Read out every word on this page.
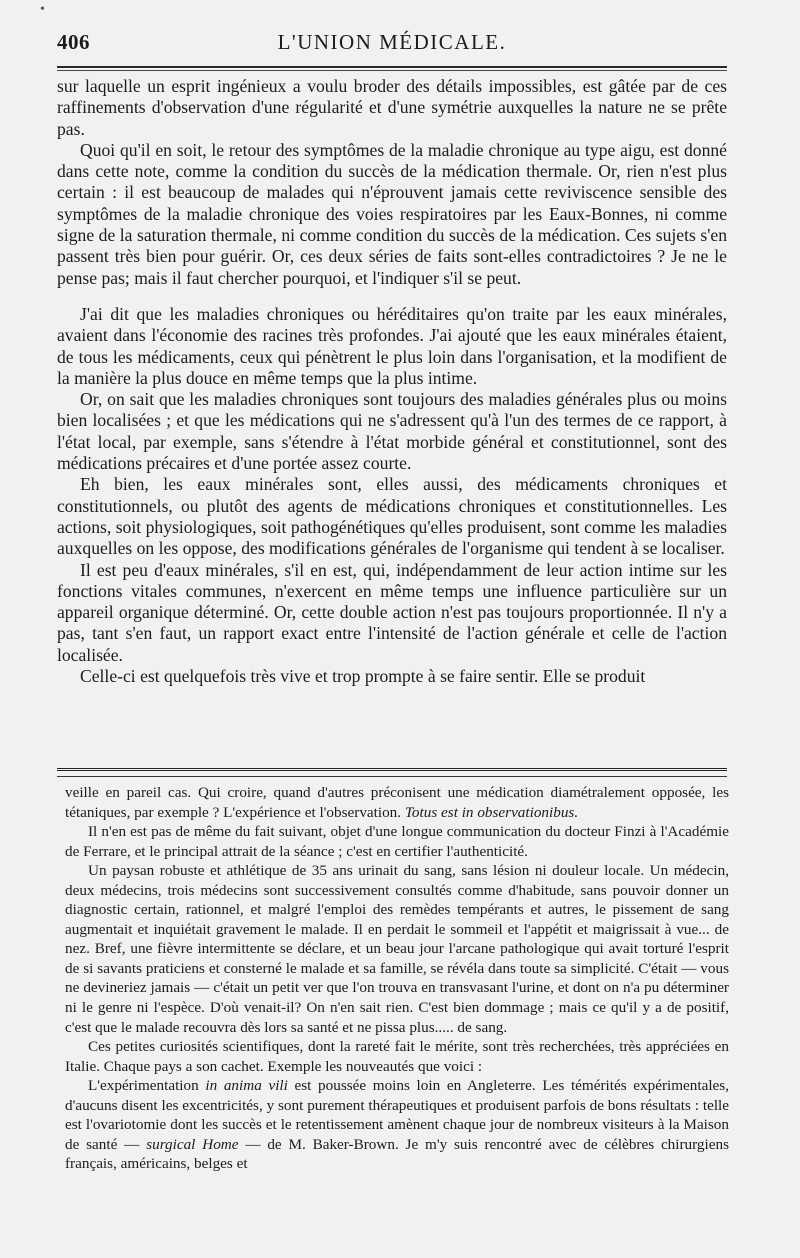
•
406	L'UNION MÉDICALE.

sur laquelle un esprit ingénieux a voulu broder des détails impossibles, est gâtée par de ces raffinements d'observation d'une régularité et d'une symétrie auxquelles la nature ne se prête pas.

Quoi qu'il en soit, le retour des symptômes de la maladie chronique au type aigu, est donné dans cette note, comme la condition du succès de la médication thermale. Or, rien n'est plus certain : il est beaucoup de malades qui n'éprouvent jamais cette reviviscence sensible des symptômes de la maladie chronique des voies respiratoires par les Eaux-Bonnes, ni comme signe de la saturation thermale, ni comme condition du succès de la médication. Ces sujets s'en passent très bien pour guérir. Or, ces deux séries de faits sont-elles contradictoires ? Je ne le pense pas; mais il faut chercher pourquoi, et l'indiquer s'il se peut.

J'ai dit que les maladies chroniques ou héréditaires qu'on traite par les eaux minérales, avaient dans l'économie des racines très profondes. J'ai ajouté que les eaux minérales étaient, de tous les médicaments, ceux qui pénètrent le plus loin dans l'organisation, et la modifient de la manière la plus douce en même temps que la plus intime.

Or, on sait que les maladies chroniques sont toujours des maladies générales plus ou moins bien localisées ; et que les médications qui ne s'adressent qu'à l'un des termes de ce rapport, à l'état local, par exemple, sans s'étendre à l'état morbide général et constitutionnel, sont des médications précaires et d'une portée assez courte.

Eh bien, les eaux minérales sont, elles aussi, des médicaments chroniques et constitutionnels, ou plutôt des agents de médications chroniques et constitutionnelles. Les actions, soit physiologiques, soit pathogénétiques qu'elles produisent, sont comme les maladies auxquelles on les oppose, des modifications générales de l'organisme qui tendent à se localiser.

Il est peu d'eaux minérales, s'il en est, qui, indépendamment de leur action intime sur les fonctions vitales communes, n'exercent en même temps une influence particulière sur un appareil organique déterminé. Or, cette double action n'est pas toujours proportionnée. Il n'y a pas, tant s'en faut, un rapport exact entre l'intensité de l'action générale et celle de l'action localisée.

Celle-ci est quelquefois très vive et trop prompte à se faire sentir. Elle se produit

veille en pareil cas. Qui croire, quand d'autres préconisent une médication diamétralement opposée, les tétaniques, par exemple ? L'expérience et l'observation. Totus est in observationibus.

Il n'en est pas de même du fait suivant, objet d'une longue communication du docteur Finzi à l'Académie de Ferrare, et le principal attrait de la séance ; c'est en certifier l'authenticité.

Un paysan robuste et athlétique de 35 ans urinait du sang, sans lésion ni douleur locale. Un médecin, deux médecins, trois médecins sont successivement consultés comme d'habitude, sans pouvoir donner un diagnostic certain, rationnel, et malgré l'emploi des remèdes tempérants et autres, le pissement de sang augmentait et inquiétait gravement le malade. Il en perdait le sommeil et l'appétit et maigrissait à vue... de nez. Bref, une fièvre intermittente se déclare, et un beau jour l'arcane pathologique qui avait torturé l'esprit de si savants praticiens et consterné le malade et sa famille, se révéla dans toute sa simplicité. C'était — vous ne devineriez jamais — c'était un petit ver que l'on trouva en transvasant l'urine, et dont on n'a pu déterminer ni le genre ni l'espèce. D'où venait-il? On n'en sait rien. C'est bien dommage ; mais ce qu'il y a de positif, c'est que le malade recouvra dès lors sa santé et ne pissa plus..... de sang.

Ces petites curiosités scientifiques, dont la rareté fait le mérite, sont très recherchées, très appréciées en Italie. Chaque pays a son cachet. Exemple les nouveautés que voici :

L'expérimentation in anima vili est poussée moins loin en Angleterre. Les témérités expérimentales, d'aucuns disent les excentricités, y sont purement thérapeutiques et produisent parfois de bons résultats : telle est l'ovariotomie dont les succès et le retentissement amènent chaque jour de nombreux visiteurs à la Maison de santé — surgical Home — de M. Baker-Brown. Je m'y suis rencontré avec de célèbres chirurgiens français, américains, belges et
